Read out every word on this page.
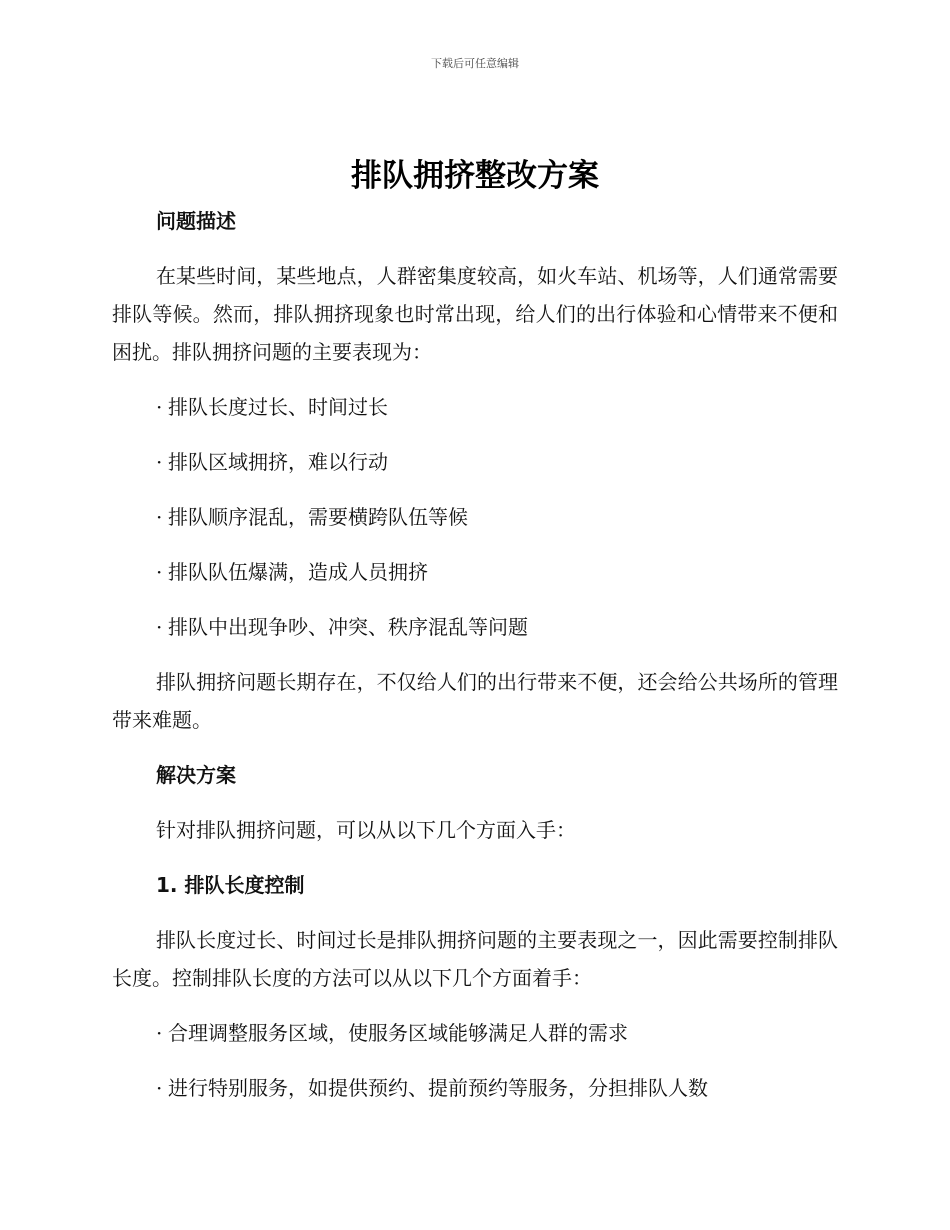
下载后可任意编辑
排队拥挤整改方案
问题描述
在某些时间，某些地点，人群密集度较高，如火车站、机场等，人们通常需要排队等候。然而，排队拥挤现象也时常出现，给人们的出行体验和心情带来不便和困扰。排队拥挤问题的主要表现为：
· 排队长度过长、时间过长
· 排队区域拥挤，难以行动
· 排队顺序混乱，需要横跨队伍等候
· 排队队伍爆满，造成人员拥挤
· 排队中出现争吵、冲突、秩序混乱等问题
排队拥挤问题长期存在，不仅给人们的出行带来不便，还会给公共场所的管理带来难题。
解决方案
针对排队拥挤问题，可以从以下几个方面入手：
1. 排队长度控制
排队长度过长、时间过长是排队拥挤问题的主要表现之一，因此需要控制排队长度。控制排队长度的方法可以从以下几个方面着手：
· 合理调整服务区域，使服务区域能够满足人群的需求
· 进行特别服务，如提供预约、提前预约等服务，分担排队人数
